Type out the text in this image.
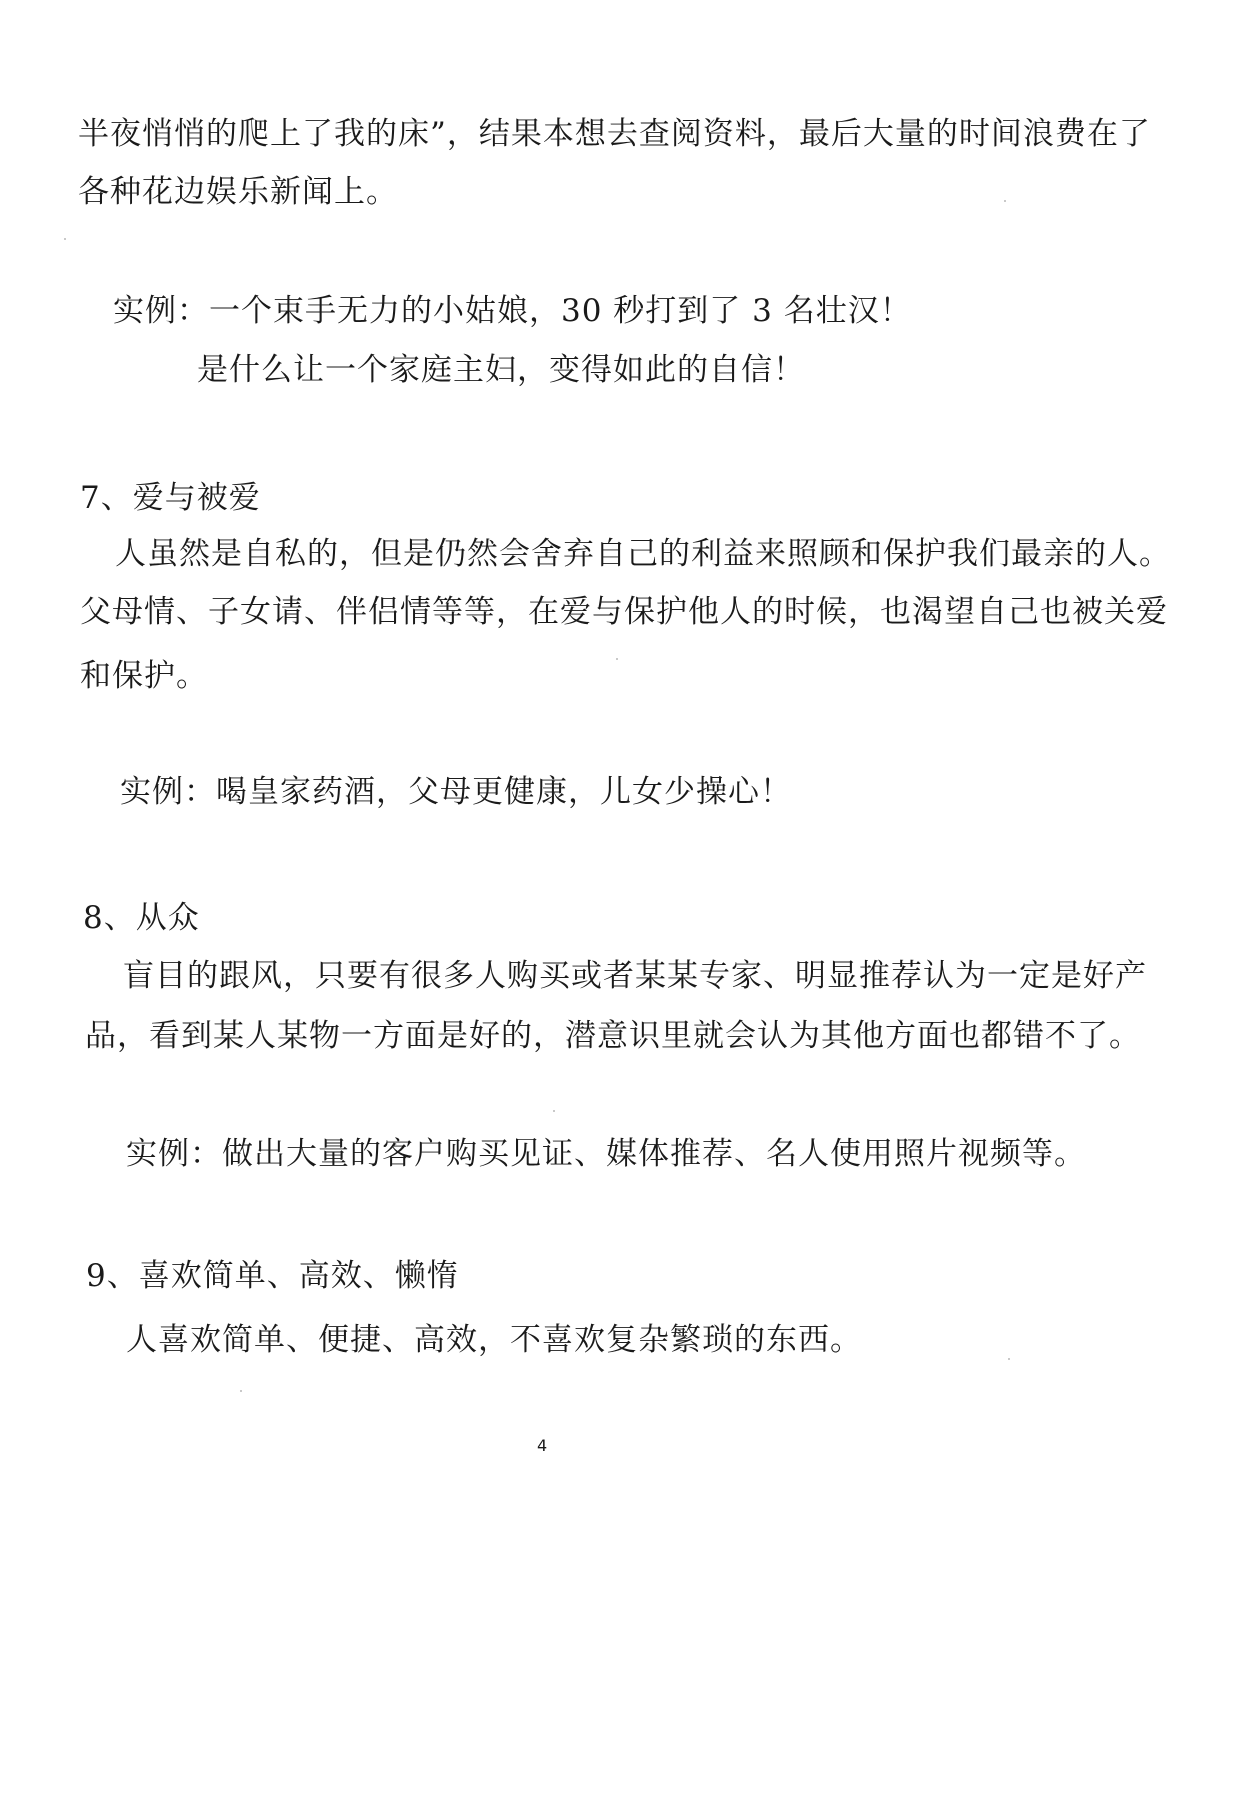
半夜悄悄的爬上了我的床”，结果本想去查阅资料，最后大量的时间浪费在了
各种花边娱乐新闻上。
实例：一个束手无力的小姑娘，30 秒打到了 3 名壮汉！
是什么让一个家庭主妇，变得如此的自信！
7、爱与被爱
人虽然是自私的，但是仍然会舍弃自己的利益来照顾和保护我们最亲的人。
父母情、子女请、伴侣情等等，在爱与保护他人的时候，也渴望自己也被关爱
和保护。
实例：喝皇家药酒，父母更健康，儿女少操心！
8、从众
盲目的跟风，只要有很多人购买或者某某专家、明显推荐认为一定是好产
品，看到某人某物一方面是好的，潜意识里就会认为其他方面也都错不了。
实例：做出大量的客户购买见证、媒体推荐、名人使用照片视频等。
9、喜欢简单、高效、懒惰
人喜欢简单、便捷、高效，不喜欢复杂繁琐的东西。
4
